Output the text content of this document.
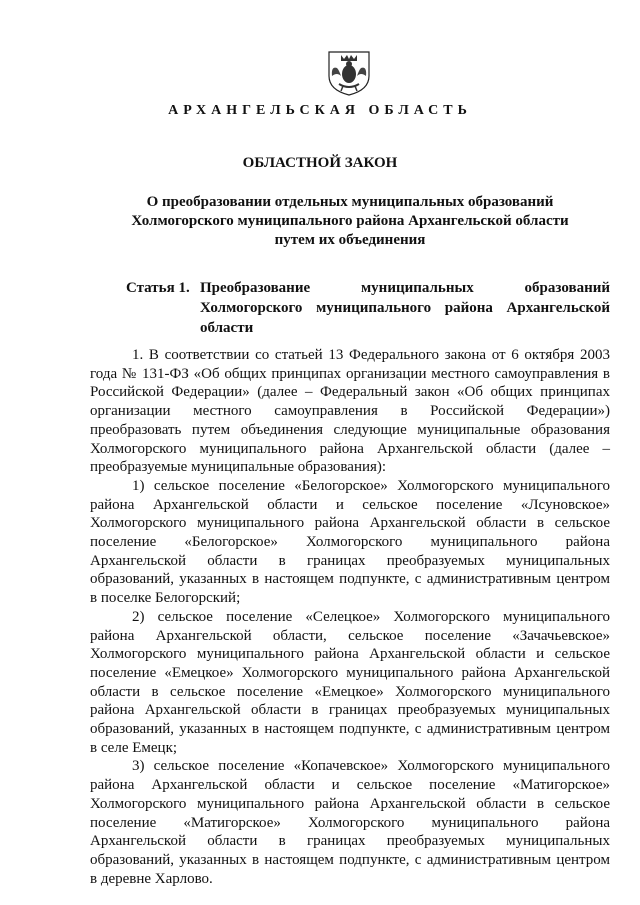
АРХАНГЕЛЬСКАЯ ОБЛАСТЬ
ОБЛАСТНОЙ ЗАКОН
О преобразовании отдельных муниципальных образований Холмогорского муниципального района Архангельской области путем их объединения
Статья 1. Преобразование муниципальных образований Холмогорского муниципального района Архангельской области

1. В соответствии со статьей 13 Федерального закона от 6 октября 2003 года № 131-ФЗ «Об общих принципах организации местного самоуправления в Российской Федерации» (далее – Федеральный закон «Об общих принципах организации местного самоуправления в Российской Федерации») преобразовать путем объединения следующие муниципальные образования Холмогорского муниципального района Архангельской области (далее – преобразуемые муниципальные образования):

1) сельское поселение «Белогорское» Холмогорского муниципального района Архангельской области и сельское поселение «Лсуновское» Холмогорского муниципального района Архангельской области в сельское поселение «Белогорское» Холмогорского муниципального района Архангельской области в границах преобразуемых муниципальных образований, указанных в настоящем подпункте, с административным центром в поселке Белогорский;

2) сельское поселение «Селецкое» Холмогорского муниципального района Архангельской области, сельское поселение «Зачачьевское» Холмогорского муниципального района Архангельской области и сельское поселение «Емецкое» Холмогорского муниципального района Архангельской области в сельское поселение «Емецкое» Холмогорского муниципального района Архангельской области в границах преобразуемых муниципальных образований, указанных в настоящем подпункте, с административным центром в селе Емецк;

3) сельское поселение «Копачевское» Холмогорского муниципального района Архангельской области и сельское поселение «Матигорское» Холмогорского муниципального района Архангельской области в сельское поселение «Матигорское» Холмогорского муниципального района Архангельской области в границах преобразуемых муниципальных образований, указанных в настоящем подпункте, с административным центром в деревне Харлово.
